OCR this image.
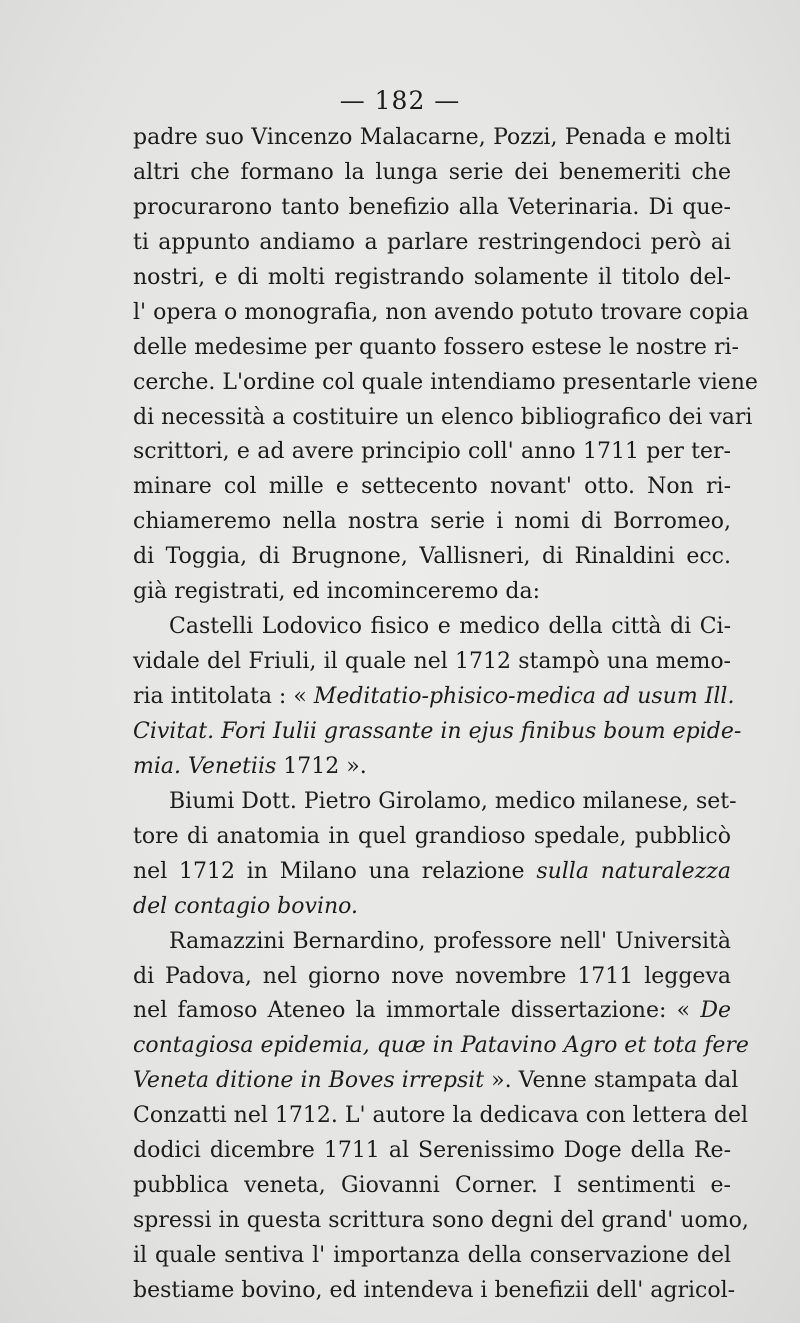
— 182 —
padre suo Vincenzo Malacarne, Pozzi, Penada e molti
altri che formano la lunga serie dei benemeriti che
procurarono tanto benefizio alla Veterinaria. Di que-
ti appunto andiamo a parlare restringendoci però ai
nostri, e di molti registrando solamente il titolo del-
l' opera o monografia, non avendo potuto trovare copia
delle medesime per quanto fossero estese le nostre ri-
cerche. L'ordine col quale intendiamo presentarle viene
di necessità a costituire un elenco bibliografico dei vari
scrittori, e ad avere principio coll' anno 1711 per ter-
minare col mille e settecento novant' otto. Non ri-
chiameremo nella nostra serie i nomi di Borromeo,
di Toggia, di Brugnone, Vallisneri, di Rinaldini ecc.
già registrati, ed incominceremo da:
Castelli Lodovico fisico e medico della città di Ci-
vidale del Friuli, il quale nel 1712 stampò una memo-
ria intitolata : « Meditatio-phisico-medica ad usum Ill.
Civitat. Fori Iulii grassante in ejus finibus boum epide-
mia. Venetiis 1712 ».
Biumi Dott. Pietro Girolamo, medico milanese, set-
tore di anatomia in quel grandioso spedale, pubblicò
nel 1712 in Milano una relazione sulla naturalezza
del contagio bovino.
Ramazzini Bernardino, professore nell' Università
di Padova, nel giorno nove novembre 1711 leggeva
nel famoso Ateneo la immortale dissertazione: « De
contagiosa epidemia, quæ in Patavino Agro et tota fere
Veneta ditione in Boves irrepsit ». Venne stampata dal
Conzatti nel 1712. L' autore la dedicava con lettera del
dodici dicembre 1711 al Serenissimo Doge della Re-
pubblica veneta, Giovanni Corner. I sentimenti e-
spressi in questa scrittura sono degni del grand' uomo,
il quale sentiva l' importanza della conservazione del
bestiame bovino, ed intendeva i benefizii dell' agricol-
